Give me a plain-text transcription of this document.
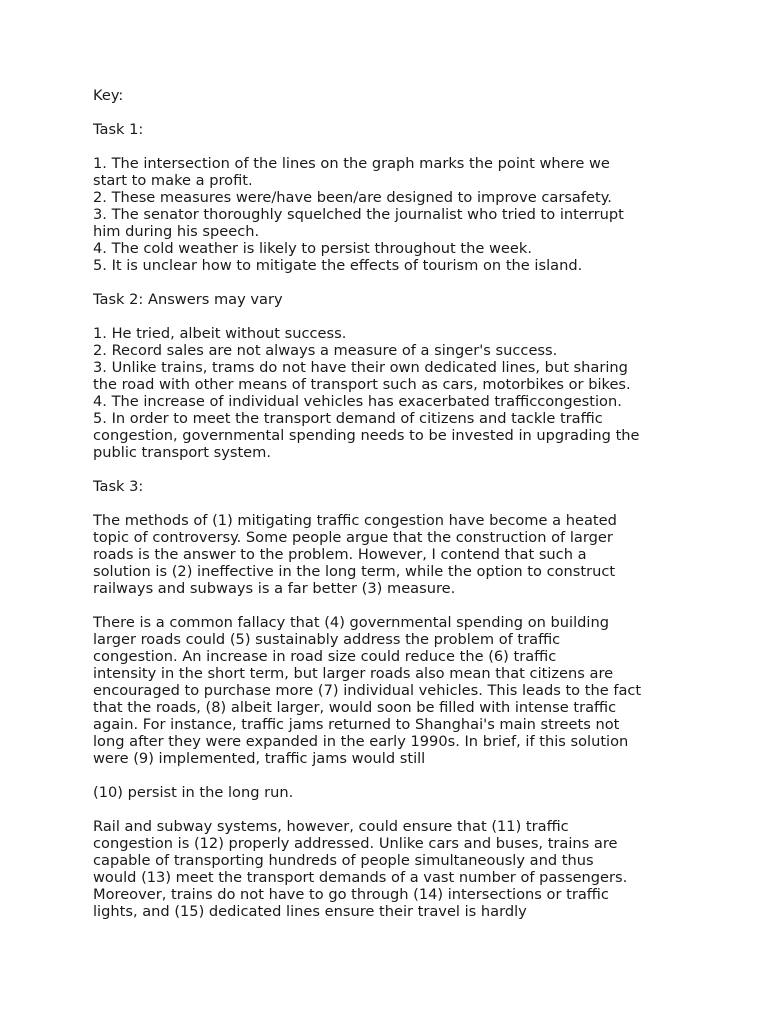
Key:
Task 1:
1. The intersection of the lines on the graph marks the point where we
start to make a profit.
2. These measures were/have been/are designed to improve carsafety.
3. The senator thoroughly squelched the journalist who tried to interrupt
him during his speech.
4. The cold weather is likely to persist throughout the week.
5. It is unclear how to mitigate the effects of tourism on the island.
Task 2: Answers may vary
1. He tried, albeit without success.
2. Record sales are not always a measure of a singer's success.
3. Unlike trains, trams do not have their own dedicated lines, but sharing
the road with other means of transport such as cars, motorbikes or bikes.
4. The increase of individual vehicles has exacerbated trafficcongestion.
5. In order to meet the transport demand of citizens and tackle traffic
congestion, governmental spending needs to be invested in upgrading the
public transport system.
Task 3:
The methods of (1) mitigating traffic congestion have become a heated
topic of controversy. Some people argue that the construction of larger
roads is the answer to the problem. However, I contend that such a
solution is (2) ineffective in the long term, while the option to construct
railways and subways is a far better (3) measure.
There is a common fallacy that (4) governmental spending on building
larger roads could (5) sustainably address the problem of traffic
congestion. An increase in road size could reduce the (6) traffic
intensity in the short term, but larger roads also mean that citizens are
encouraged to purchase more (7) individual vehicles. This leads to the fact
that the roads, (8) albeit larger, would soon be filled with intense traffic
again. For instance, traffic jams returned to Shanghai's main streets not
long after they were expanded in the early 1990s. In brief, if this solution
were (9) implemented, traffic jams would still
(10) persist in the long run.
Rail and subway systems, however, could ensure that (11) traffic
congestion is (12) properly addressed. Unlike cars and buses, trains are
capable of transporting hundreds of people simultaneously and thus
would (13) meet the transport demands of a vast number of passengers.
Moreover, trains do not have to go through (14) intersections or traffic
lights, and (15) dedicated lines ensure their travel is hardly
